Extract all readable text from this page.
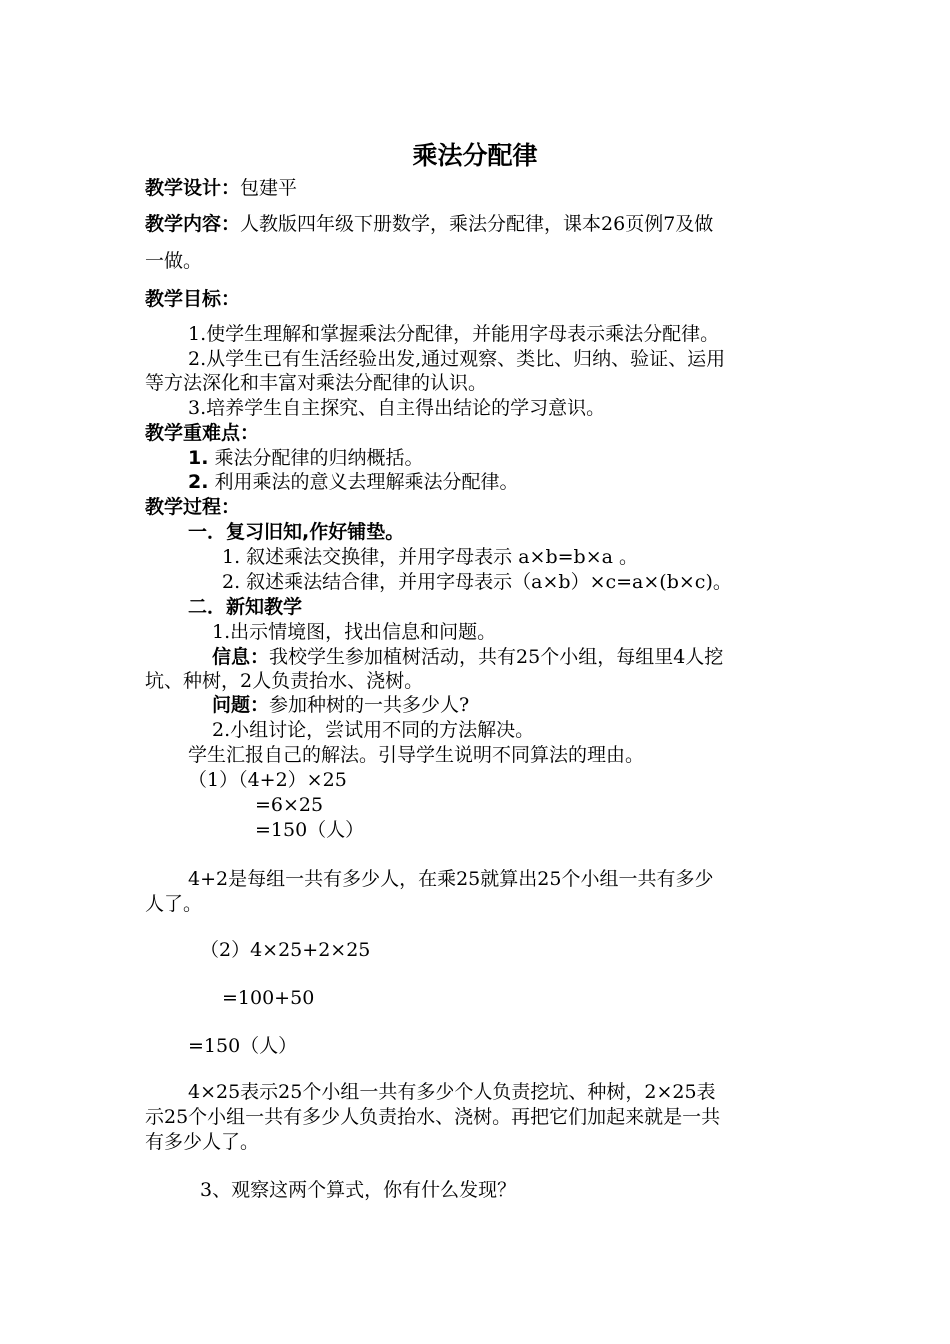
乘法分配律
教学设计：包建平
教学内容：人教版四年级下册数学，乘法分配律，课本26页例7及做
一做。
教学目标：
1.使学生理解和掌握乘法分配律，并能用字母表示乘法分配律。
2.从学生已有生活经验出发,通过观察、类比、归纳、验证、运用
等方法深化和丰富对乘法分配律的认识。
3.培养学生自主探究、自主得出结论的学习意识。
教学重难点：
1. 乘法分配律的归纳概括。
2. 利用乘法的意义去理解乘法分配律。
教学过程：
一．复习旧知,作好铺垫。
1. 叙述乘法交换律，并用字母表示 a×b=b×a 。
2. 叙述乘法结合律，并用字母表示（a×b）×c=a×(b×c)。
二．新知教学
1.出示情境图，找出信息和问题。
信息：我校学生参加植树活动，共有25个小组，每组里4人挖
坑、种树，2人负责抬水、浇树。
问题：参加种树的一共多少人?
2.小组讨论，尝试用不同的方法解决。
学生汇报自己的解法。引导学生说明不同算法的理由。
（1）（4+2）×25
=6×25
=150（人）
4+2是每组一共有多少人，在乘25就算出25个小组一共有多少
人了。
（2）4×25+2×25
=100+50
=150（人）
4×25表示25个小组一共有多少个人负责挖坑、种树，2×25表
示25个小组一共有多少人负责抬水、浇树。再把它们加起来就是一共
有多少人了。
3、观察这两个算式，你有什么发现？
